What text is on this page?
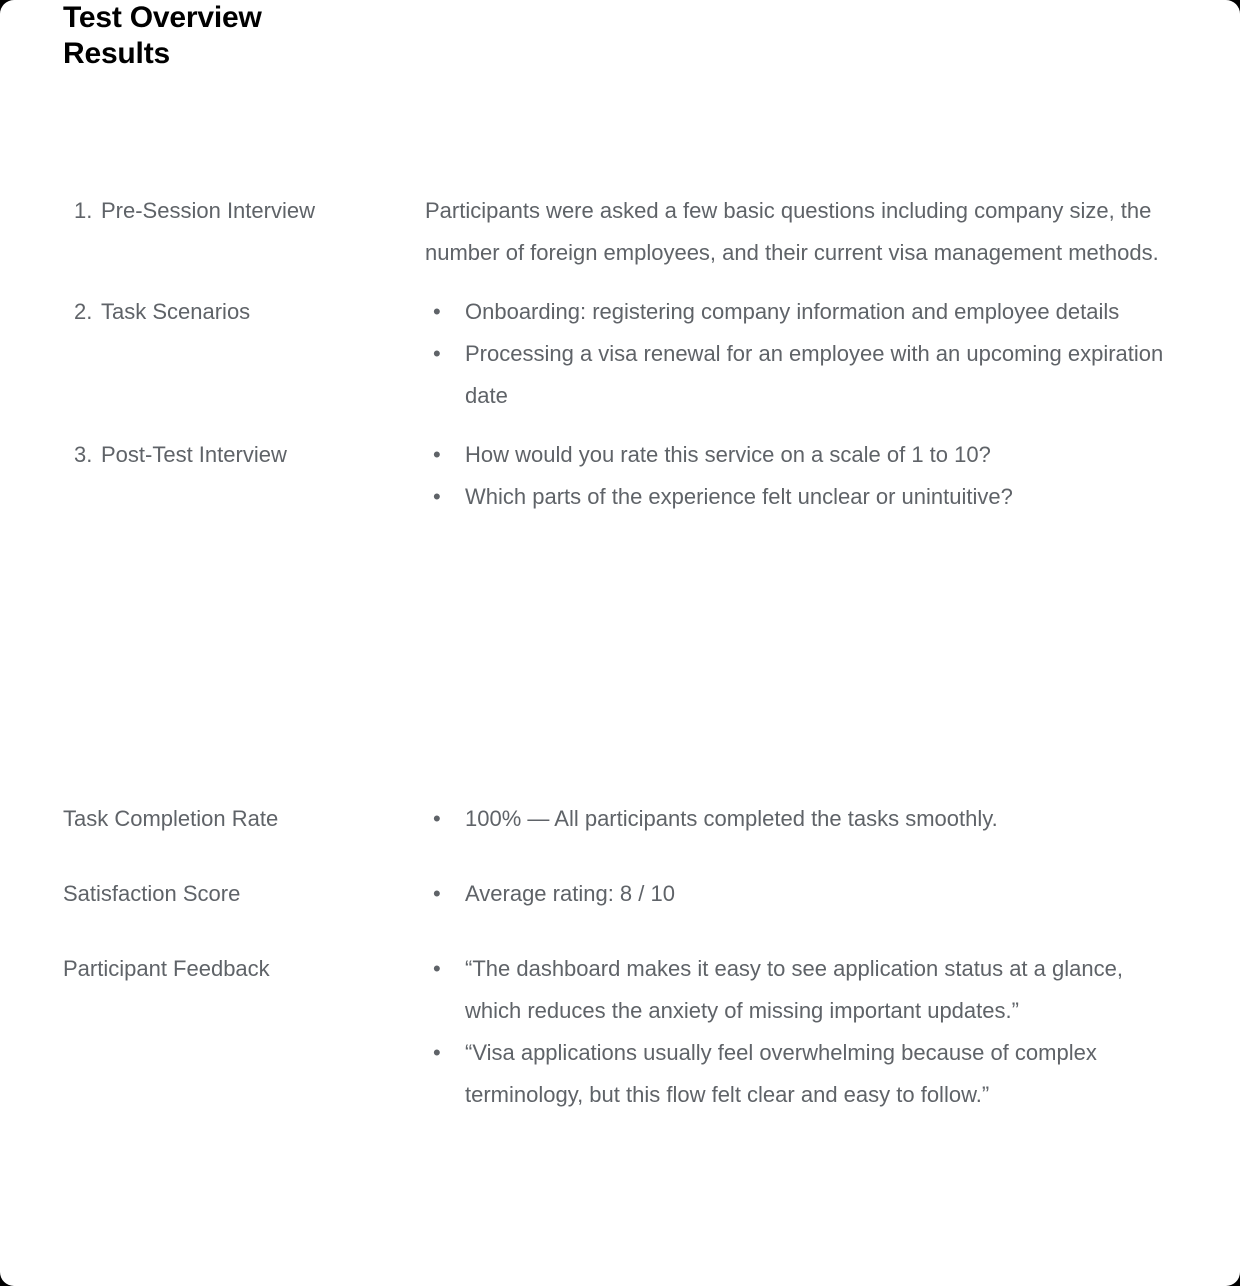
Test Overview
1. Pre-Session Interview	Participants were asked a few basic questions including company size, the number of foreign employees, and their current visa management methods.

2. Task Scenarios	• Onboarding: registering company information and employee details
• Processing a visa renewal for an employee with an upcoming expiration date
3. Post-Test Interview	• How would you rate this service on a scale of 1 to 10?
• Which parts of the experience felt unclear or unintuitive?
Results
Task Completion Rate	• 100% — All participants completed the tasks smoothly.
Satisfaction Score	• Average rating: 8 / 10
Participant Feedback	• “The dashboard makes it easy to see application status at a glance, which reduces the anxiety of missing important updates.”
• “Visa applications usually feel overwhelming because of complex terminology, but this flow felt clear and easy to follow.”
